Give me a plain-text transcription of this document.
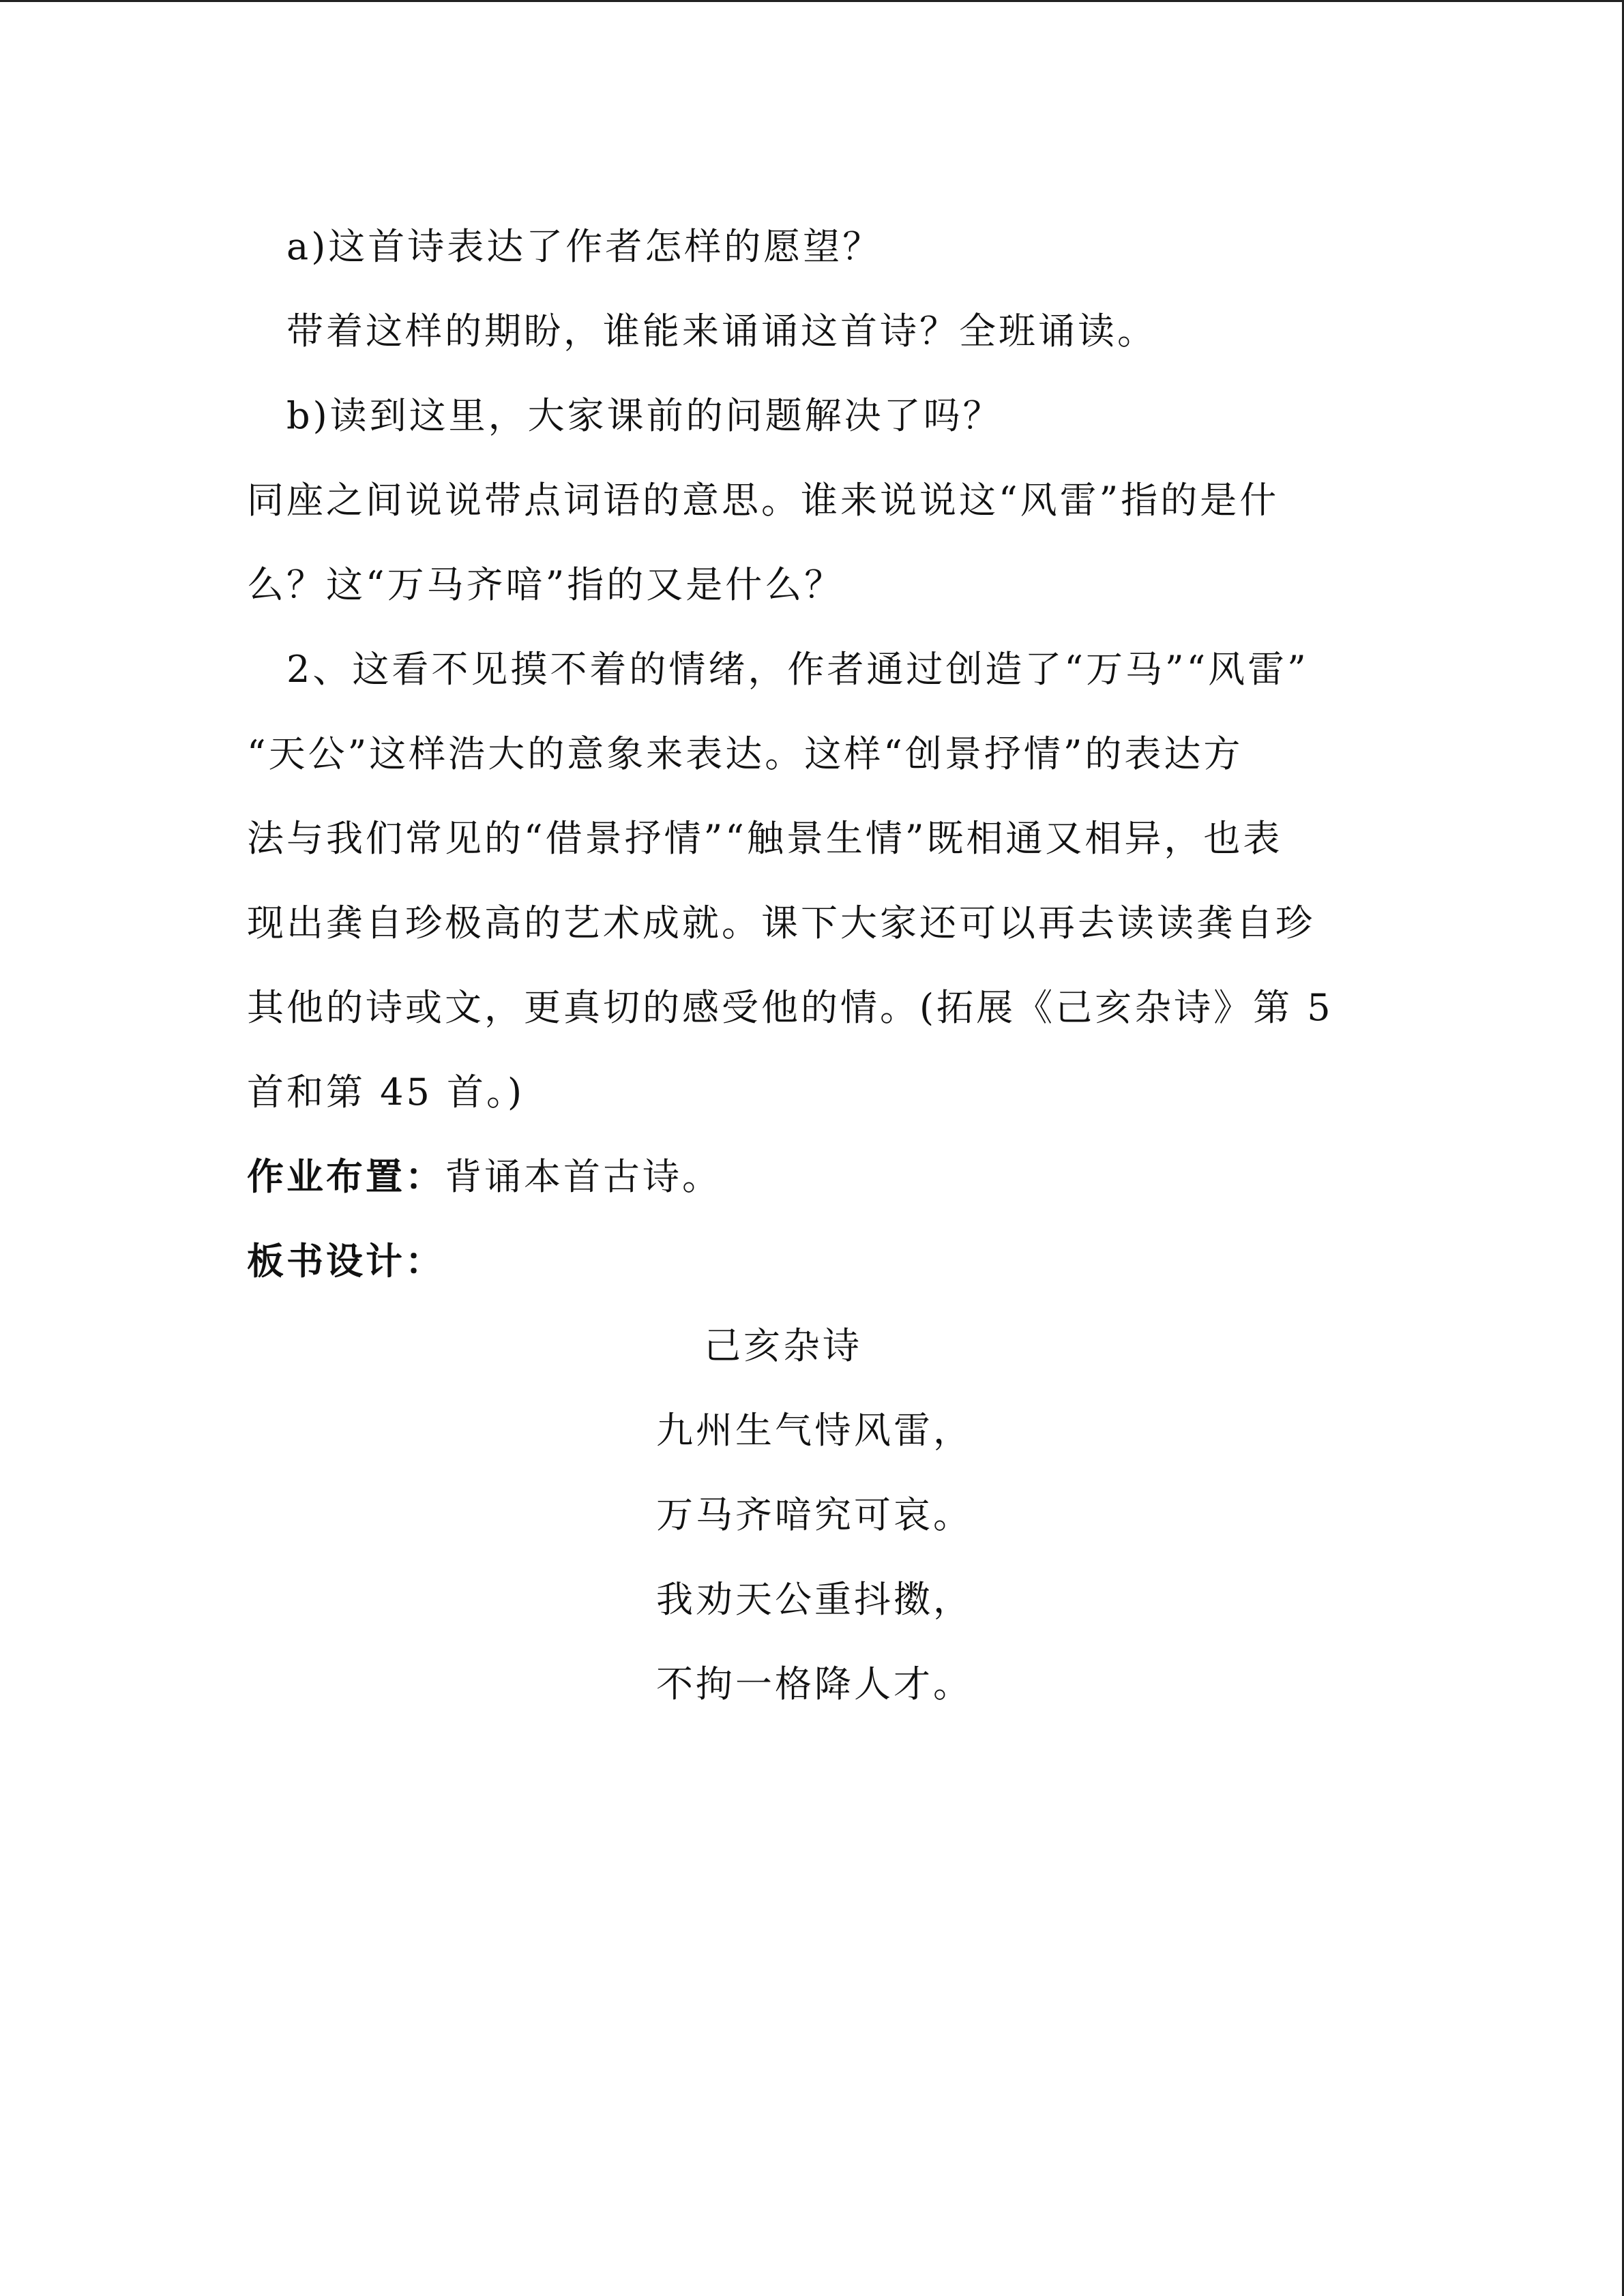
a)这首诗表达了作者怎样的愿望？
带着这样的期盼，谁能来诵诵这首诗？全班诵读。
b)读到这里，大家课前的问题解决了吗？
同座之间说说带点词语的意思。谁来说说这“风雷”指的是什
么？这“万马齐喑”指的又是什么？
2、这看不见摸不着的情绪，作者通过创造了“万马”“风雷”
“天公”这样浩大的意象来表达。这样“创景抒情”的表达方
法与我们常见的“借景抒情”“触景生情”既相通又相异，也表
现出龚自珍极高的艺术成就。课下大家还可以再去读读龚自珍
其他的诗或文，更真切的感受他的情。(拓展《己亥杂诗》第 5
首和第 45 首。)
作业布置：背诵本首古诗。
板书设计：
己亥杂诗
九州生气恃风雷，
万马齐喑究可哀。
我劝天公重抖擞，
不拘一格降人才。
